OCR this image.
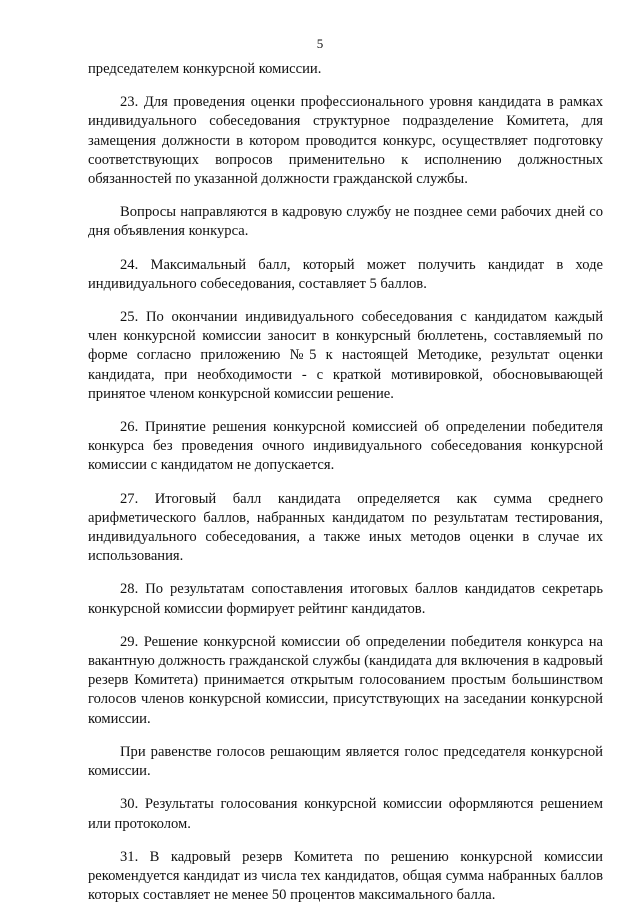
5

председателем конкурсной комиссии.

23. Для проведения оценки профессионального уровня кандидата в рамках индивидуального собеседования структурное подразделение Комитета, для замещения должности в котором проводится конкурс, осуществляет подготовку соответствующих вопросов применительно к исполнению должностных обязанностей по указанной должности гражданской службы.

Вопросы направляются в кадровую службу не позднее семи рабочих дней со дня объявления конкурса.

24. Максимальный балл, который может получить кандидат в ходе индивидуального собеседования, составляет 5 баллов.

25. По окончании индивидуального собеседования с кандидатом каждый член конкурсной комиссии заносит в конкурсный бюллетень, составляемый по форме согласно приложению №5 к настоящей Методике, результат оценки кандидата, при необходимости - с краткой мотивировкой, обосновывающей принятое членом конкурсной комиссии решение.

26. Принятие решения конкурсной комиссией об определении победителя конкурса без проведения очного индивидуального собеседования конкурсной комиссии с кандидатом не допускается.

27. Итоговый балл кандидата определяется как сумма среднего арифметического баллов, набранных кандидатом по результатам тестирования, индивидуального собеседования, а также иных методов оценки в случае их использования.

28. По результатам сопоставления итоговых баллов кандидатов секретарь конкурсной комиссии формирует рейтинг кандидатов.

29. Решение конкурсной комиссии об определении победителя конкурса на вакантную должность гражданской службы (кандидата для включения в кадровый резерв Комитета) принимается открытым голосованием простым большинством голосов членов конкурсной комиссии, присутствующих на заседании конкурсной комиссии.

При равенстве голосов решающим является голос председателя конкурсной комиссии.

30. Результаты голосования конкурсной комиссии оформляются решением или протоколом.

31. В кадровый резерв Комитета по решению конкурсной комиссии рекомендуется кандидат из числа тех кандидатов, общая сумма набранных баллов которых составляет не менее 50 процентов максимального балла.
